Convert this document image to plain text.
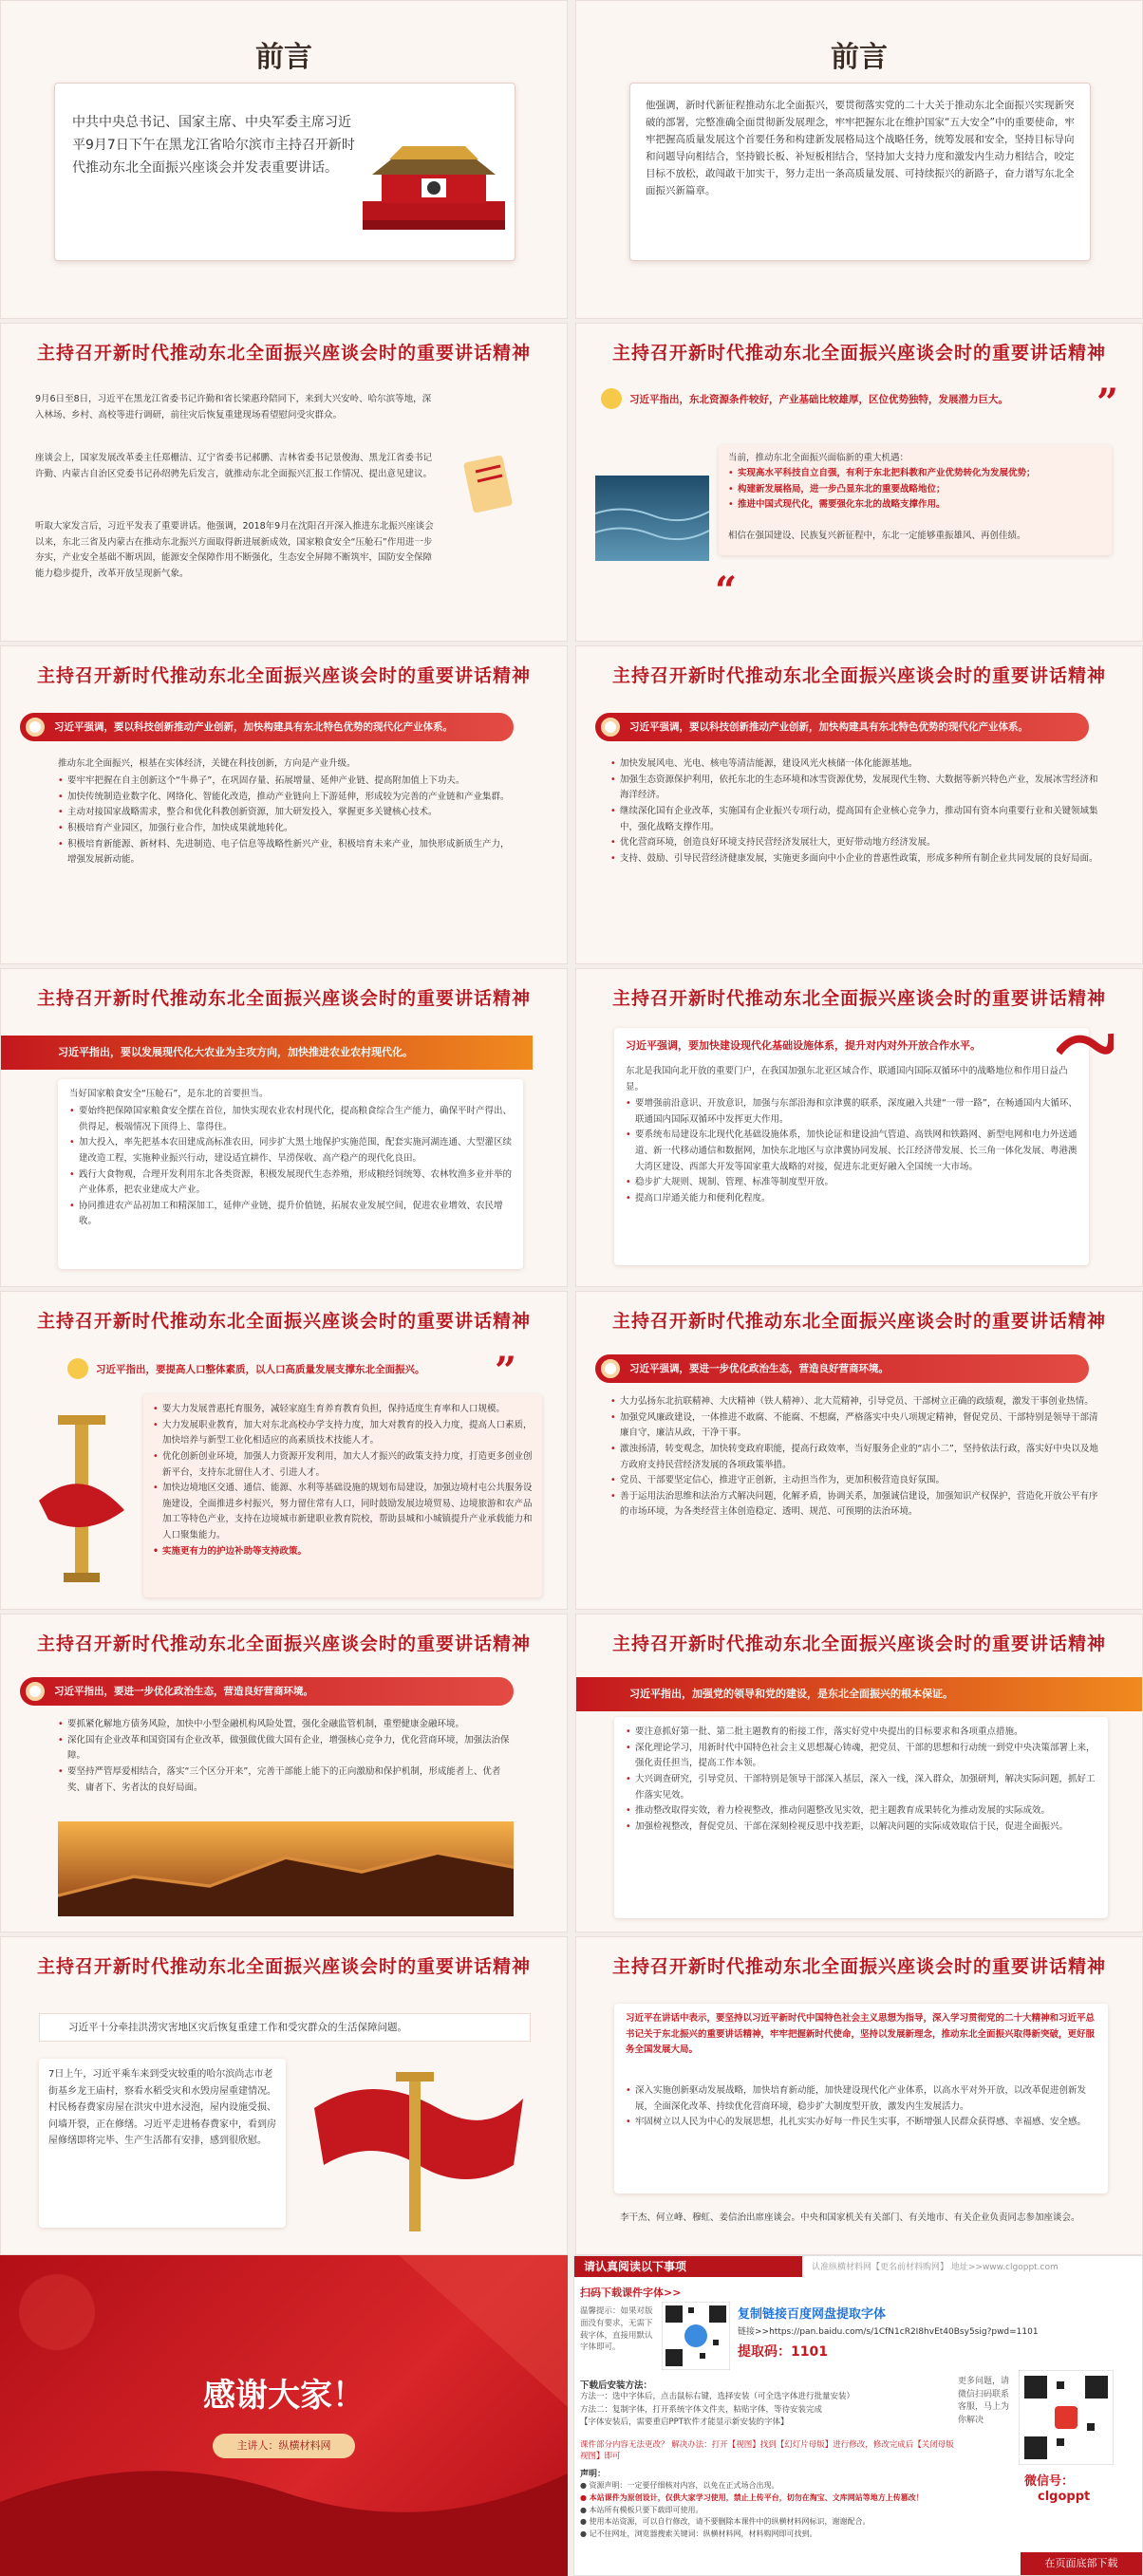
前言
中共中央总书记、国家主席、中央军委主席习近平9月7日下午在黑龙江省哈尔滨市主持召开新时代推动东北全面振兴座谈会并发表重要讲话。
前言
他强调，新时代新征程推动东北全面振兴，要贯彻落实党的二十大关于推动东北全面振兴实现新突破的部署，完整准确全面贯彻新发展理念，牢牢把握东北在维护国家“五大安全”中的重要使命，牢牢把握高质量发展这个首要任务和构建新发展格局这个战略任务，统筹发展和安全，坚持目标导向和问题导向相结合，坚持锻长板、补短板相结合，坚持加大支持力度和激发内生动力相结合，咬定目标不放松，敢闯敢干加实干，努力走出一条高质量发展、可持续振兴的新路子，奋力谱写东北全面振兴新篇章。
主持召开新时代推动东北全面振兴座谈会时的重要讲话精神
9月6日至8日，习近平在黑龙江省委书记许勤和省长梁惠玲陪同下，来到大兴安岭、哈尔滨等地，深入林场、乡村、高校等进行调研，前往灾后恢复重建现场看望慰问受灾群众。
座谈会上，国家发展改革委主任郑栅洁、辽宁省委书记郝鹏、吉林省委书记景俊海、黑龙江省委书记许勤、内蒙古自治区党委书记孙绍骋先后发言，就推动东北全面振兴汇报工作情况、提出意见建议。
听取大家发言后，习近平发表了重要讲话。他强调，2018年9月在沈阳召开深入推进东北振兴座谈会以来，东北三省及内蒙古在推动东北振兴方面取得新进展新成效，国家粮食安全“压舱石”作用进一步夯实，产业安全基础不断巩固，能源安全保障作用不断强化，生态安全屏障不断筑牢，国防安全保障能力稳步提升，改革开放呈现新气象。
主持召开新时代推动东北全面振兴座谈会时的重要讲话精神
习近平指出，东北资源条件较好，产业基础比较雄厚，区位优势独特，发展潜力巨大。 ”
当前，推动东北全面振兴面临新的重大机遇：
• 实现高水平科技自立自强，有利于东北把科教和产业优势转化为发展优势；
• 构建新发展格局，进一步凸显东北的重要战略地位；
• 推进中国式现代化，需要强化东北的战略支撑作用。
相信在强国建设、民族复兴新征程中，东北一定能够重振雄风、再创佳绩。
“
主持召开新时代推动东北全面振兴座谈会时的重要讲话精神
习近平强调，要以科技创新推动产业创新，加快构建具有东北特色优势的现代化产业体系。
推动东北全面振兴，根基在实体经济，关键在科技创新，方向是产业升级。
• 要牢牢把握在自主创新这个“牛鼻子”，在巩固存量、拓展增量、延伸产业链、提高附加值上下功夫。
• 加快传统制造业数字化、网络化、智能化改造，推动产业链向上下游延伸，形成较为完善的产业链和产业集群。
• 主动对接国家战略需求，整合和优化科教创新资源，加大研发投入，掌握更多关键核心技术。
• 积极培育产业园区，加强行业合作，加快成果就地转化。
• 积极培育新能源、新材料、先进制造、电子信息等战略性新兴产业，积极培育未来产业，加快形成新质生产力，增强发展新动能。
主持召开新时代推动东北全面振兴座谈会时的重要讲话精神
习近平强调，要以科技创新推动产业创新，加快构建具有东北特色优势的现代化产业体系。
• 加快发展风电、光电、核电等清洁能源，建设风光火核储一体化能源基地。
• 加强生态资源保护利用，依托东北的生态环境和冰雪资源优势，发展现代生物、大数据等新兴特色产业，发展冰雪经济和海洋经济。
• 继续深化国有企业改革，实施国有企业振兴专项行动，提高国有企业核心竞争力，推动国有资本向重要行业和关键领域集中，强化战略支撑作用。
• 优化营商环境，创造良好环境支持民营经济发展壮大，更好带动地方经济发展。
• 支持、鼓励、引导民营经济健康发展，实施更多面向中小企业的普惠性政策，形成多种所有制企业共同发展的良好局面。
主持召开新时代推动东北全面振兴座谈会时的重要讲话精神
习近平指出，要以发展现代化大农业为主攻方向，加快推进农业农村现代化。
当好国家粮食安全“压舱石”，是东北的首要担当。
• 要始终把保障国家粮食安全摆在首位，加快实现农业农村现代化，提高粮食综合生产能力，确保平时产得出、供得足，极端情况下顶得上、靠得住。
• 加大投入，率先把基本农田建成高标准农田，同步扩大黑土地保护实施范围，配套实施河湖连通、大型灌区续建改造工程，实施种业振兴行动，建设适宜耕作、旱涝保收、高产稳产的现代化良田。
• 践行大食物观，合理开发利用东北各类资源，积极发展现代生态养殖，形成粮经饲统筹、农林牧渔多业并举的产业体系，把农业建成大产业。
• 协同推进农产品初加工和精深加工，延伸产业链，提升价值链，拓展农业发展空间，促进农业增效、农民增收。
主持召开新时代推动东北全面振兴座谈会时的重要讲话精神
习近平强调，要加快建设现代化基础设施体系，提升对内对外开放合作水平。
东北是我国向北开放的重要门户，在我国加强东北亚区域合作、联通国内国际双循环中的战略地位和作用日益凸显。
• 要增强前沿意识、开放意识，加强与东部沿海和京津冀的联系，深度融入共建“一带一路”，在畅通国内大循环、联通国内国际双循环中发挥更大作用。
• 要系统布局建设东北现代化基础设施体系，加快论证和建设油气管道、高铁网和铁路网、新型电网和电力外送通道、新一代移动通信和数据网，加快东北地区与京津冀协同发展、长江经济带发展、长三角一体化发展、粤港澳大湾区建设、西部大开发等国家重大战略的对接，促进东北更好融入全国统一大市场。
• 稳步扩大规则、规制、管理、标准等制度型开放。
• 提高口岸通关能力和便利化程度。
主持召开新时代推动东北全面振兴座谈会时的重要讲话精神
习近平指出，要提高人口整体素质，以人口高质量发展支撑东北全面振兴。 ”
• 要大力发展普惠托育服务，减轻家庭生育养育教育负担，保持适度生育率和人口规模。
• 大力发展职业教育，加大对东北高校办学支持力度，加大对教育的投入力度，提高人口素质，加快培养与新型工业化相适应的高素质技术技能人才。
• 优化创新创业环境，加强人力资源开发利用，加大人才振兴的政策支持力度，打造更多创业创新平台，支持东北留住人才、引进人才。
• 加快边境地区交通、通信、能源、水利等基础设施的规划布局建设，加强边境村屯公共服务设施建设，全面推进乡村振兴，努力留住常有人口，同时鼓励发展边境贸易、边境旅游和农产品加工等特色产业，支持在边境城市新建职业教育院校，帮助县城和小城镇提升产业承载能力和人口聚集能力。
• 实施更有力的护边补助等支持政策。
主持召开新时代推动东北全面振兴座谈会时的重要讲话精神
习近平强调，要进一步优化政治生态，营造良好营商环境。
• 大力弘扬东北抗联精神、大庆精神（铁人精神）、北大荒精神，引导党员、干部树立正确的政绩观，激发干事创业热情。
• 加强党风廉政建设，一体推进不敢腐、不能腐、不想腐，严格落实中央八项规定精神，督促党员、干部特别是领导干部清廉自守，廉洁从政，干净干事。
• 激浊扬清，转变观念，加快转变政府职能，提高行政效率，当好服务企业的“店小二”，坚持依法行政，落实好中央以及地方政府支持民营经济发展的各项政策举措。
• 党员、干部要坚定信心，推进守正创新，主动担当作为，更加积极营造良好氛围。
• 善于运用法治思维和法治方式解决问题，化解矛盾，协调关系，加强诚信建设，加强知识产权保护，营造化开放公平有序的市场环境，为各类经营主体创造稳定、透明、规范、可预期的法治环境。
主持召开新时代推动东北全面振兴座谈会时的重要讲话精神
习近平指出，要进一步优化政治生态，营造良好营商环境。
• 要抓紧化解地方债务风险，加快中小型金融机构风险处置，强化金融监管机制，重塑健康金融环境。
• 深化国有企业改革和国资国有企业改革，做强做优做大国有企业，增强核心竞争力，优化营商环境，加强法治保障。
• 要坚持严管厚爱相结合，落实“三个区分开来”，完善干部能上能下的正向激励和保护机制，形成能者上、优者奖、庸者下、劣者汰的良好局面。
主持召开新时代推动东北全面振兴座谈会时的重要讲话精神
习近平指出，加强党的领导和党的建设，是东北全面振兴的根本保证。
• 要注意抓好第一批、第二批主题教育的衔接工作，落实好党中央提出的目标要求和各项重点措施。
• 深化理论学习，用新时代中国特色社会主义思想凝心铸魂，把党员、干部的思想和行动统一到党中央决策部署上来，强化责任担当，提高工作本领。
• 大兴调查研究，引导党员、干部特别是领导干部深入基层，深入一线，深入群众，加强研判，解决实际问题，抓好工作落实见效。
• 推动整改取得实效，着力检视整改，推动问题整改见实效，把主题教育成果转化为推动发展的实际成效。
• 加强检视整改，督促党员、干部在深刻检视反思中找差距，以解决问题的实际成效取信于民，促进全面振兴。
主持召开新时代推动东北全面振兴座谈会时的重要讲话精神
习近平十分牵挂洪涝灾害地区灾后恢复重建工作和受灾群众的生活保障问题。
7日上午，习近平乘车来到受灾较重的哈尔滨尚志市老街基乡龙王庙村，察看水稻受灾和水毁房屋重建情况。村民杨春费家房屋在洪灾中进水浸泡，屋内设施受损、问墙开裂，正在修缮。习近平走进杨春费家中，看到房屋修缮即将完毕、生产生活都有安排，感到很欣慰。
主持召开新时代推动东北全面振兴座谈会时的重要讲话精神
习近平在讲话中表示，要坚持以习近平新时代中国特色社会主义思想为指导，深入学习贯彻党的二十大精神和习近平总书记关于东北振兴的重要讲话精神，牢牢把握新时代使命，坚持以发展新理念，推动东北全面振兴取得新突破，更好服务全国发展大局。
• 深入实施创新驱动发展战略，加快培育新动能，加快建设现代化产业体系，以高水平对外开放，以改革促进创新发展，全面深化改革、持续优化营商环境，稳步扩大制度型开放，激发内生发展活力。
• 牢固树立以人民为中心的发展思想，扎扎实实办好每一件民生实事，不断增强人民群众获得感、幸福感、安全感。
李干杰、何立峰、穆虹、姜信治出席座谈会。中央和国家机关有关部门、有关地市、有关企业负责同志参加座谈会。
感谢大家！
主讲人：纵横材料网
请认真阅读以下事项	认准纵横材料网【更名前材料购网】 地址>>www.clgoppt.com
扫码下载课件字体>>
温馨提示：如果对版面没有要求，无需下载字体，直接用默认字体即可。
复制链接百度网盘提取字体
链接>>https://pan.baidu.com/s/1CfN1cR2I8hvEt40Bsy5sig?pwd=1101
提取码：1101
下载后安装方法：
方法一：选中字体后，点击鼠标右键，选择安装（可全选字体进行批量安装）
方法二：复制字体，打开系统字体文件夹，粘贴字体，等待安装完成
【字体安装后，需要重启PPT软件才能显示新安装的字体】
课件部分内容无法更改？ 解决办法：打开【视图】找到【幻灯片母版】进行修改，修改完成后【关闭母版视图】即可
声明：
● 资源声明：一定要仔细核对内容，以免在正式场合出现。
● 本站课件为原创设计，仅供大家学习使用，禁止上传平台，切勿在淘宝、文库网站等地方上传篡改！
● 本站所有模板只要下载即可使用。
● 使用本站资源，可以自行修改，请不要删除本课件中的纵横材料网标识，谢谢配合。
● 记不住网址，浏览器搜索关键词：纵横材料网，材料购网即可找到。
更多问题，请微信扫码联系客服，马上为你解决
微信号：
clgoppt
在页面底部下载
